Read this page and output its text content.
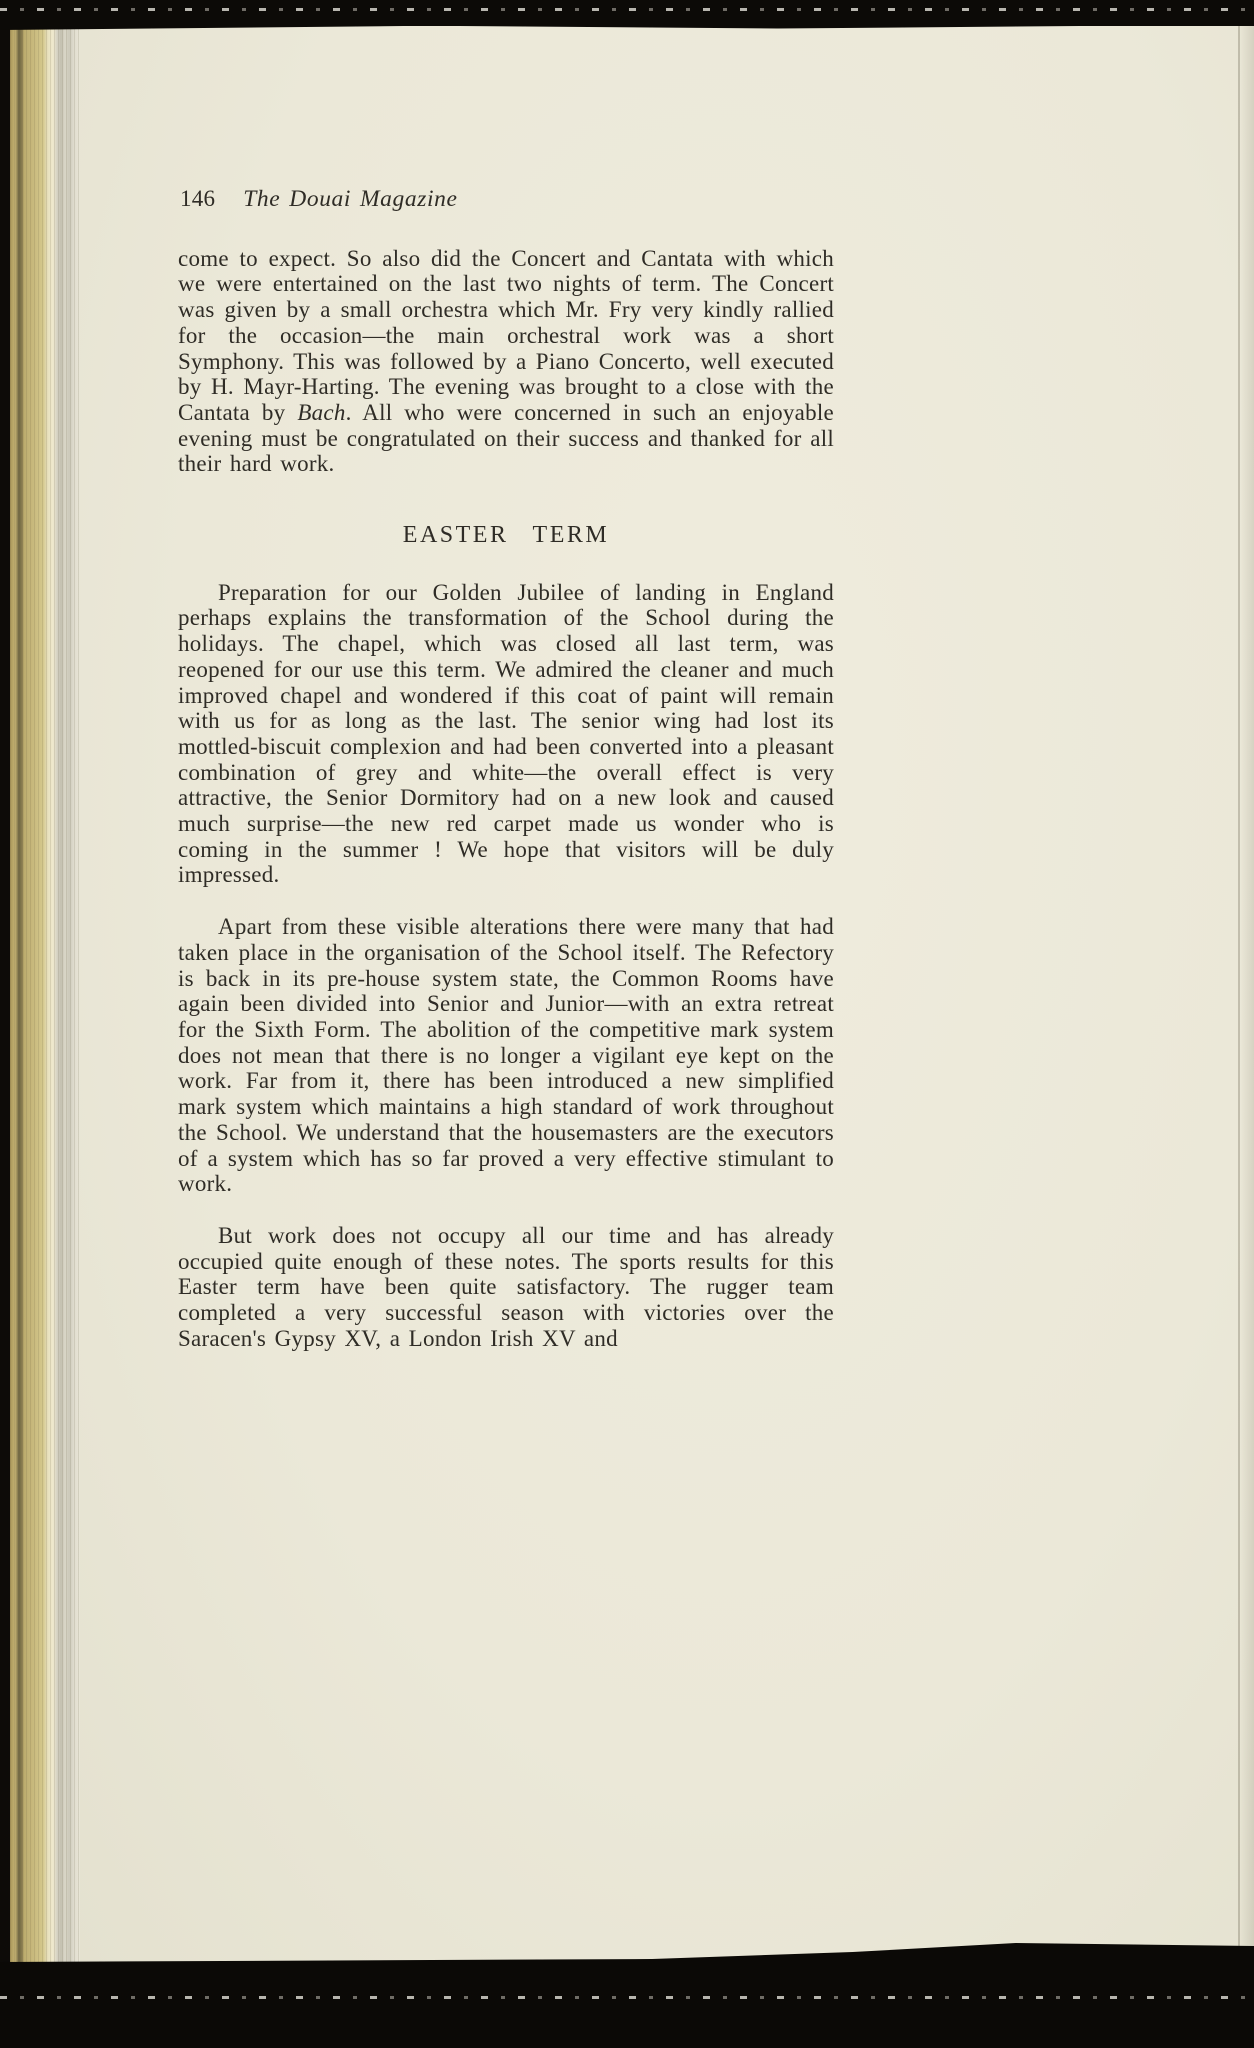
146 The Douai Magazine

come to expect. So also did the Concert and Cantata with which we were entertained on the last two nights of term. The Concert was given by a small orchestra which Mr. Fry very kindly rallied for the occasion—the main orchestral work was a short Symphony. This was followed by a Piano Concerto, well executed by H. Mayr-Harting. The evening was brought to a close with the Cantata by Bach. All who were concerned in such an enjoyable evening must be congratulated on their success and thanked for all their hard work.

EASTER TERM

Preparation for our Golden Jubilee of landing in England perhaps explains the transformation of the School during the holidays. The chapel, which was closed all last term, was reopened for our use this term. We admired the cleaner and much improved chapel and wondered if this coat of paint will remain with us for as long as the last. The senior wing had lost its mottled-biscuit complexion and had been converted into a pleasant combination of grey and white—the overall effect is very attractive, the Senior Dormitory had on a new look and caused much surprise—the new red carpet made us wonder who is coming in the summer ! We hope that visitors will be duly impressed.

Apart from these visible alterations there were many that had taken place in the organisation of the School itself. The Refectory is back in its pre-house system state, the Common Rooms have again been divided into Senior and Junior—with an extra retreat for the Sixth Form. The abolition of the competitive mark system does not mean that there is no longer a vigilant eye kept on the work. Far from it, there has been introduced a new simplified mark system which maintains a high standard of work throughout the School. We understand that the housemasters are the executors of a system which has so far proved a very effective stimulant to work.

But work does not occupy all our time and has already occupied quite enough of these notes. The sports results for this Easter term have been quite satisfactory. The rugger team completed a very successful season with victories over the Saracen's Gypsy XV, a London Irish XV and
